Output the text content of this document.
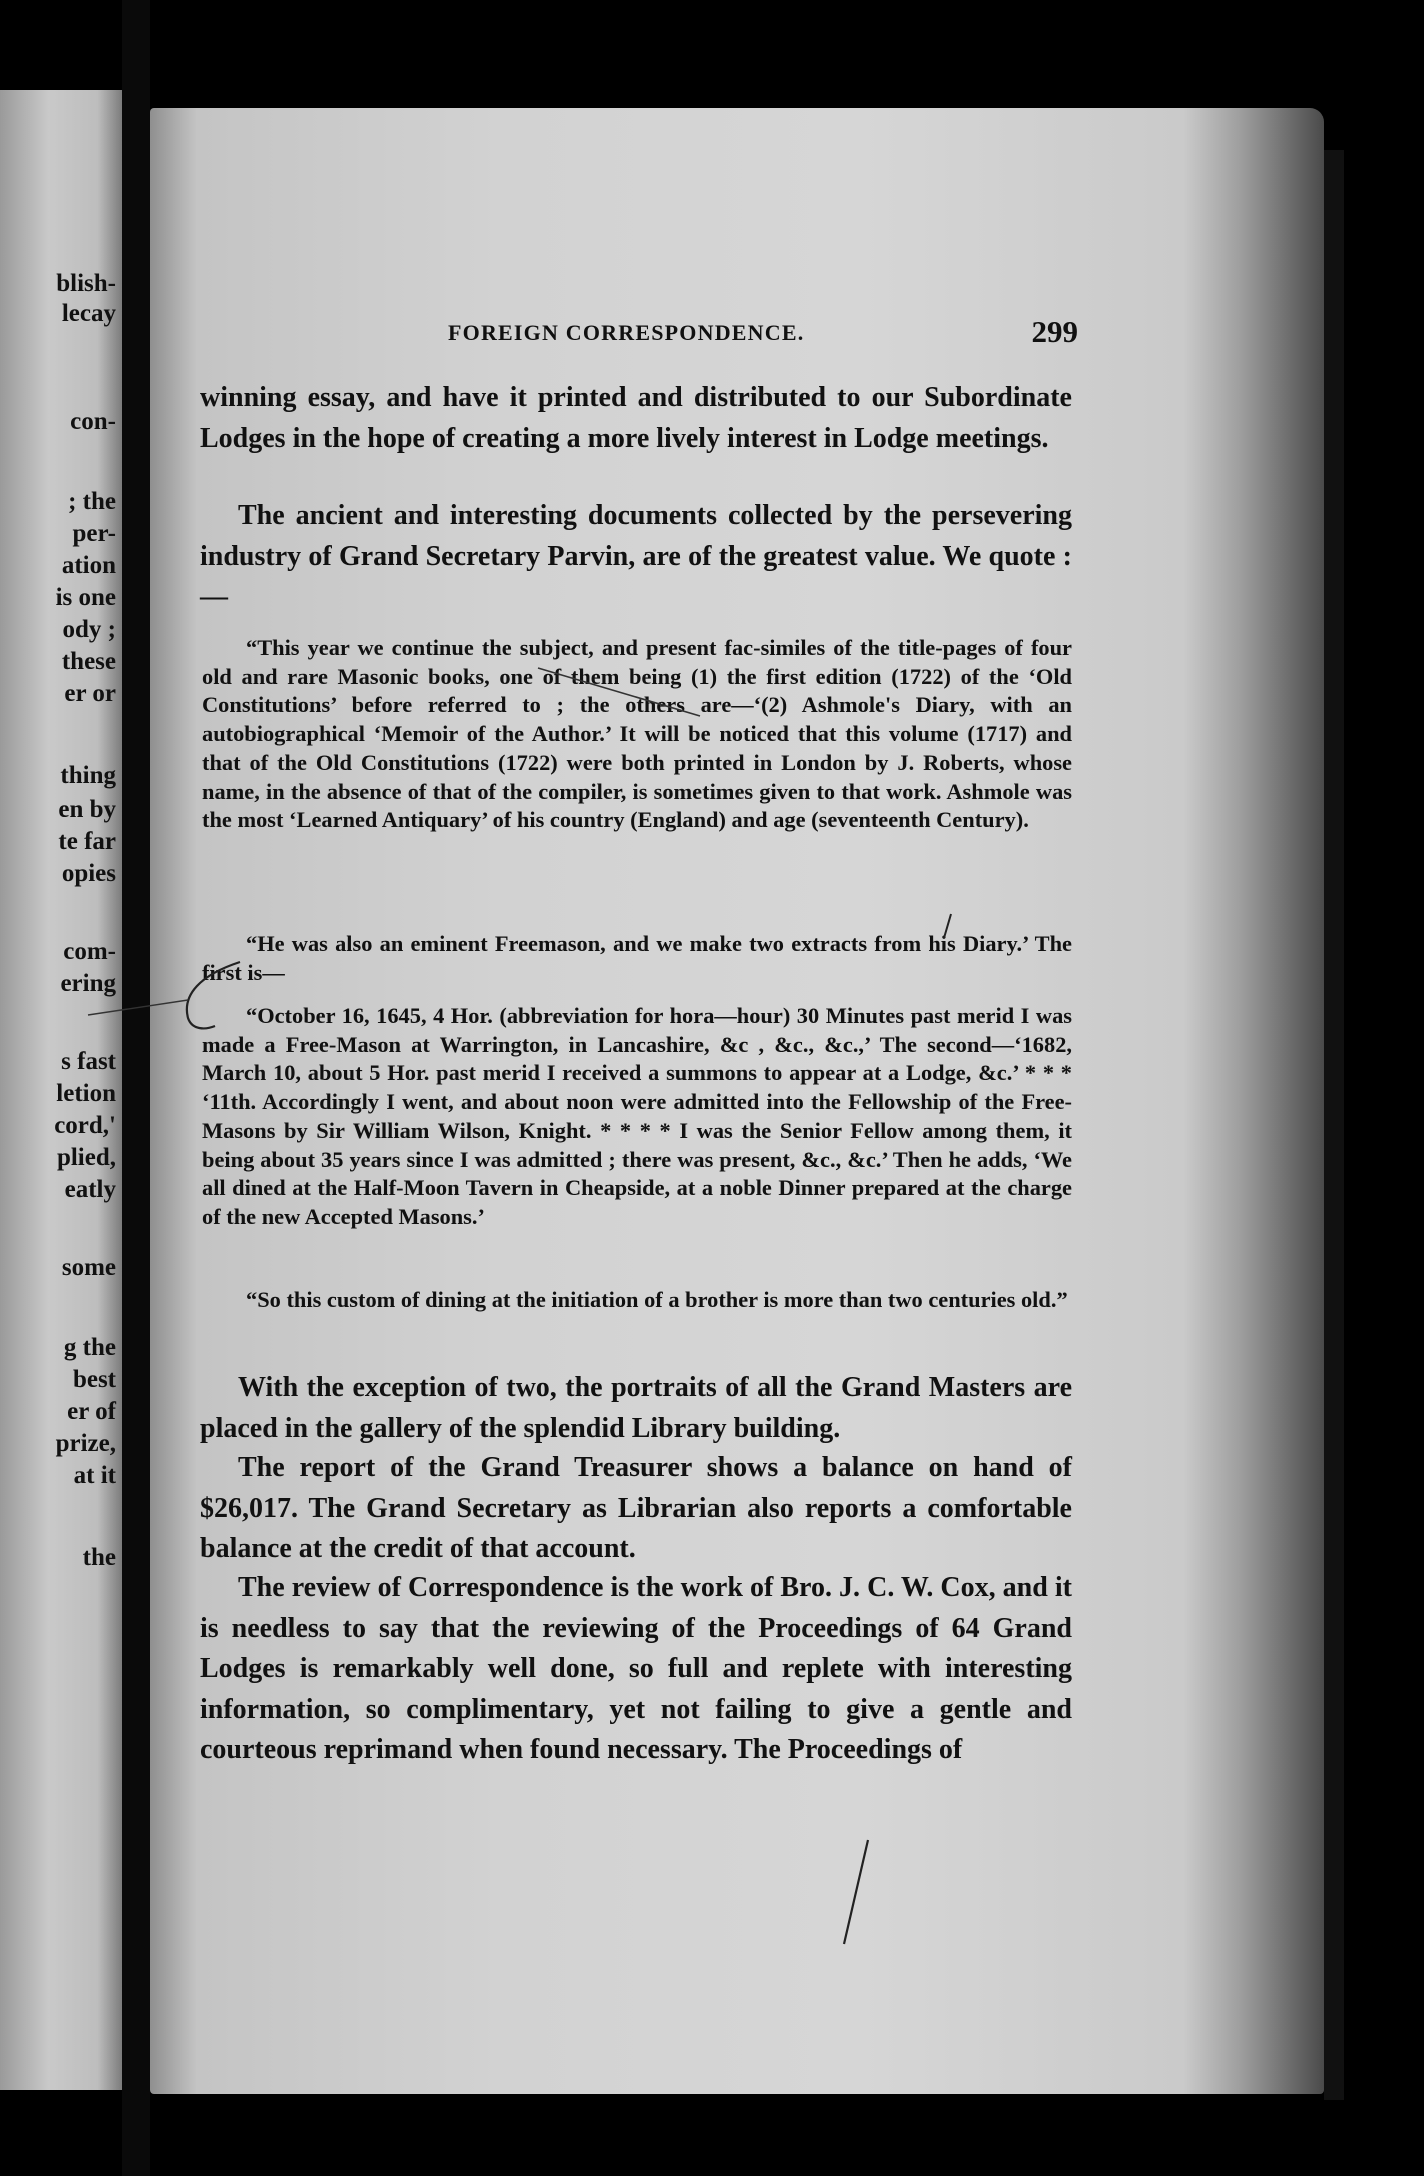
blish-
lecay
con-
; the
per-
ation
is one
ody ;
these
er or
thing
en by
te far
opies
com-
ering
s fast
letion
cord,'
plied,
eatly
some
g the
best
er of
prize,
at it
the
FOREIGN CORRESPONDENCE.	299

winning essay, and have it printed and distributed to our Subordinate Lodges in the hope of creating a more lively interest in Lodge meetings.

The ancient and interesting documents collected by the persevering industry of Grand Secretary Parvin, are of the greatest value. We quote :—

“This year we continue the subject, and present fac-similes of the title-pages of four old and rare Masonic books, one of them being (1) the first edition (1722) of the ‘Old Constitutions’ before referred to ; the others are—‘(2) Ashmole's Diary, with an autobiographical ‘Memoir of the Author.’ It will be noticed that this volume (1717) and that of the Old Constitutions (1722) were both printed in London by J. Roberts, whose name, in the absence of that of the compiler, is sometimes given to that work. Ashmole was the most ‘Learned Antiquary’ of his country (England) and age (seventeenth Century).

“He was also an eminent Freemason, and we make two extracts from his Diary.’ The first is—

“October 16, 1645, 4 Hor. (abbreviation for hora—hour) 30 Minutes past merid I was made a Free-Mason at Warrington, in Lancashire, &c , &c., &c.,’ The second—‘1682, March 10, about 5 Hor. past merid I received a summons to appear at a Lodge, &c.’ * * * ‘11th. Accordingly I went, and about noon were admitted into the Fellowship of the Free-Masons by Sir William Wilson, Knight. * * * * I was the Senior Fellow among them, it being about 35 years since I was admitted ; there was present, &c., &c.’ Then he adds, ‘We all dined at the Half-Moon Tavern in Cheapside, at a noble Dinner prepared at the charge of the new Accepted Masons.’

“So this custom of dining at the initiation of a brother is more than two centuries old.”

With the exception of two, the portraits of all the Grand Masters are placed in the gallery of the splendid Library building.

The report of the Grand Treasurer shows a balance on hand of $26,017. The Grand Secretary as Librarian also reports a comfortable balance at the credit of that account.

The review of Correspondence is the work of Bro. J. C. W. Cox, and it is needless to say that the reviewing of the Proceedings of 64 Grand Lodges is remarkably well done, so full and replete with interesting information, so complimentary, yet not failing to give a gentle and courteous reprimand when found necessary. The Proceedings of
